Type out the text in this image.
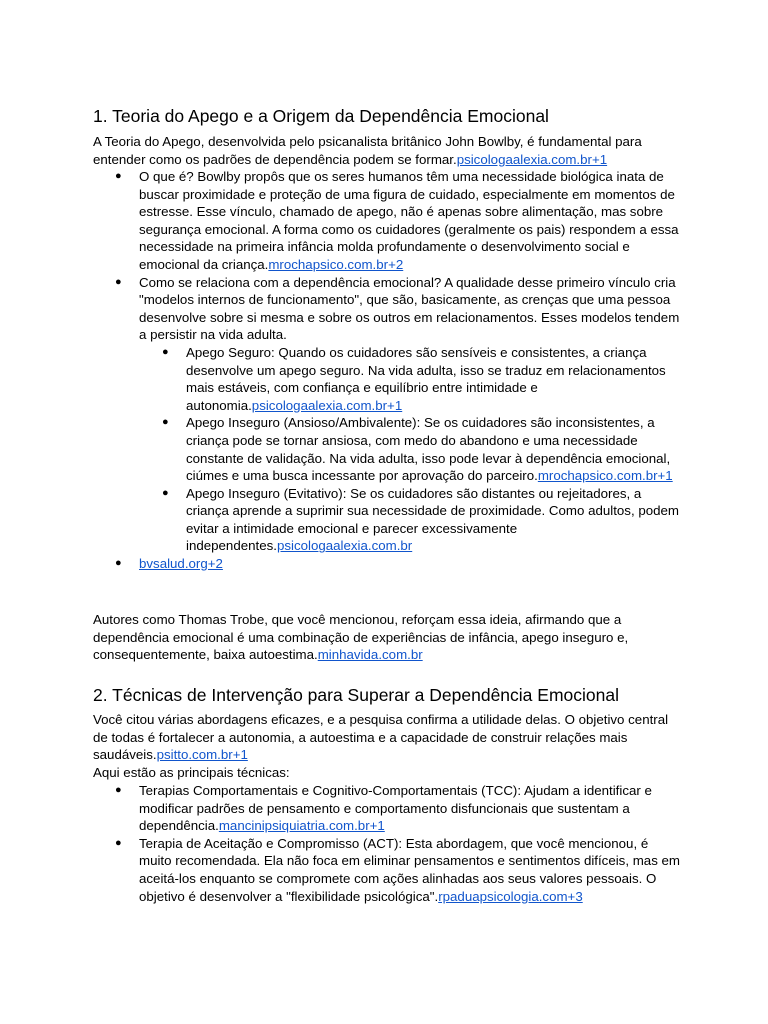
1. Teoria do Apego e a Origem da Dependência Emocional

A Teoria do Apego, desenvolvida pelo psicanalista britânico John Bowlby, é fundamental para entender como os padrões de dependência podem se formar.psicologaalexia.com.br+1

● O que é? Bowlby propôs que os seres humanos têm uma necessidade biológica inata de buscar proximidade e proteção de uma figura de cuidado, especialmente em momentos de estresse. Esse vínculo, chamado de apego, não é apenas sobre alimentação, mas sobre segurança emocional. A forma como os cuidadores (geralmente os pais) respondem a essa necessidade na primeira infância molda profundamente o desenvolvimento social e emocional da criança.mrochapsico.com.br+2
● Como se relaciona com a dependência emocional? A qualidade desse primeiro vínculo cria "modelos internos de funcionamento", que são, basicamente, as crenças que uma pessoa desenvolve sobre si mesma e sobre os outros em relacionamentos. Esses modelos tendem a persistir na vida adulta.
● Apego Seguro: Quando os cuidadores são sensíveis e consistentes, a criança desenvolve um apego seguro. Na vida adulta, isso se traduz em relacionamentos mais estáveis, com confiança e equilíbrio entre intimidade e autonomia.psicologaalexia.com.br+1
● Apego Inseguro (Ansioso/Ambivalente): Se os cuidadores são inconsistentes, a criança pode se tornar ansiosa, com medo do abandono e uma necessidade constante de validação. Na vida adulta, isso pode levar à dependência emocional, ciúmes e uma busca incessante por aprovação do parceiro.mrochapsico.com.br+1
● Apego Inseguro (Evitativo): Se os cuidadores são distantes ou rejeitadores, a criança aprende a suprimir sua necessidade de proximidade. Como adultos, podem evitar a intimidade emocional e parecer excessivamente independentes.psicologaalexia.com.br
● bvsalud.org+2

Autores como Thomas Trobe, que você mencionou, reforçam essa ideia, afirmando que a dependência emocional é uma combinação de experiências de infância, apego inseguro e, consequentemente, baixa autoestima.minhavida.com.br

2. Técnicas de Intervenção para Superar a Dependência Emocional

Você citou várias abordagens eficazes, e a pesquisa confirma a utilidade delas. O objetivo central de todas é fortalecer a autonomia, a autoestima e a capacidade de construir relações mais saudáveis.psitto.com.br+1

Aqui estão as principais técnicas:

● Terapias Comportamentais e Cognitivo-Comportamentais (TCC): Ajudam a identificar e modificar padrões de pensamento e comportamento disfuncionais que sustentam a dependência.mancinipsiquiatria.com.br+1
● Terapia de Aceitação e Compromisso (ACT): Esta abordagem, que você mencionou, é muito recomendada. Ela não foca em eliminar pensamentos e sentimentos difíceis, mas em aceitá-los enquanto se compromete com ações alinhadas aos seus valores pessoais. O objetivo é desenvolver a "flexibilidade psicológica".rpaduapsicologia.com+3
